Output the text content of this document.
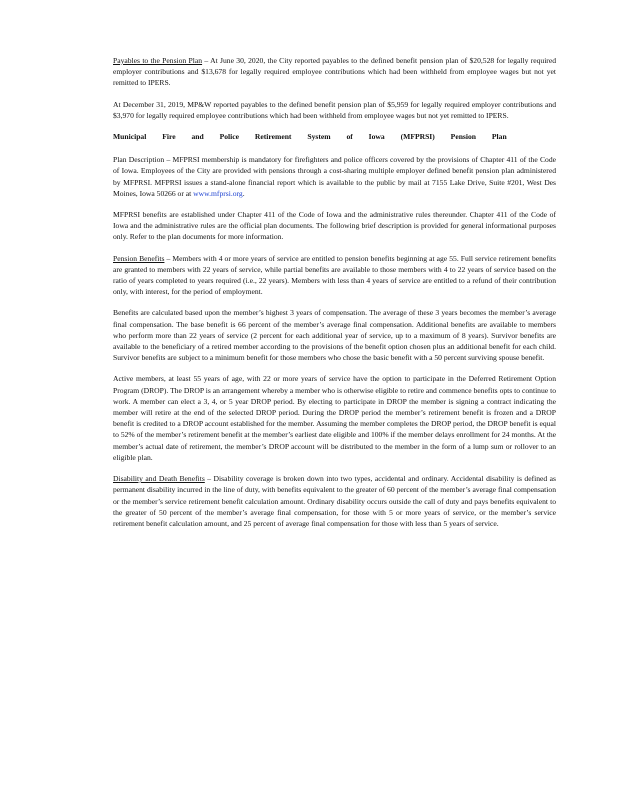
Payables to the Pension Plan – At June 30, 2020, the City reported payables to the defined benefit pension plan of $20,528 for legally required employer contributions and $13,678 for legally required employee contributions which had been withheld from employee wages but not yet remitted to IPERS.

At December 31, 2019, MP&W reported payables to the defined benefit pension plan of $5,959 for legally required employer contributions and $3,970 for legally required employee contributions which had been withheld from employee wages but not yet remitted to IPERS.

Municipal Fire and Police Retirement System of Iowa (MFPRSI) Pension Plan

Plan Description – MFPRSI membership is mandatory for firefighters and police officers covered by the provisions of Chapter 411 of the Code of Iowa. Employees of the City are provided with pensions through a cost-sharing multiple employer defined benefit pension plan administered by MFPRSI. MFPRSI issues a stand-alone financial report which is available to the public by mail at 7155 Lake Drive, Suite #201, West Des Moines, Iowa 50266 or at www.mfprsi.org.

MFPRSI benefits are established under Chapter 411 of the Code of Iowa and the administrative rules thereunder. Chapter 411 of the Code of Iowa and the administrative rules are the official plan documents. The following brief description is provided for general informational purposes only. Refer to the plan documents for more information.

Pension Benefits – Members with 4 or more years of service are entitled to pension benefits beginning at age 55. Full service retirement benefits are granted to members with 22 years of service, while partial benefits are available to those members with 4 to 22 years of service based on the ratio of years completed to years required (i.e., 22 years). Members with less than 4 years of service are entitled to a refund of their contribution only, with interest, for the period of employment.

Benefits are calculated based upon the member’s highest 3 years of compensation. The average of these 3 years becomes the member’s average final compensation. The base benefit is 66 percent of the member’s average final compensation. Additional benefits are available to members who perform more than 22 years of service (2 percent for each additional year of service, up to a maximum of 8 years). Survivor benefits are available to the beneficiary of a retired member according to the provisions of the benefit option chosen plus an additional benefit for each child. Survivor benefits are subject to a minimum benefit for those members who chose the basic benefit with a 50 percent surviving spouse benefit.

Active members, at least 55 years of age, with 22 or more years of service have the option to participate in the Deferred Retirement Option Program (DROP). The DROP is an arrangement whereby a member who is otherwise eligible to retire and commence benefits opts to continue to work. A member can elect a 3, 4, or 5 year DROP period. By electing to participate in DROP the member is signing a contract indicating the member will retire at the end of the selected DROP period. During the DROP period the member’s retirement benefit is frozen and a DROP benefit is credited to a DROP account established for the member. Assuming the member completes the DROP period, the DROP benefit is equal to 52% of the member’s retirement benefit at the member’s earliest date eligible and 100% if the member delays enrollment for 24 months. At the member’s actual date of retirement, the member’s DROP account will be distributed to the member in the form of a lump sum or rollover to an eligible plan.

Disability and Death Benefits – Disability coverage is broken down into two types, accidental and ordinary. Accidental disability is defined as permanent disability incurred in the line of duty, with benefits equivalent to the greater of 60 percent of the member’s average final compensation or the member’s service retirement benefit calculation amount. Ordinary disability occurs outside the call of duty and pays benefits equivalent to the greater of 50 percent of the member’s average final compensation, for those with 5 or more years of service, or the member’s service retirement benefit calculation amount, and 25 percent of average final compensation for those with less than 5 years of service.
